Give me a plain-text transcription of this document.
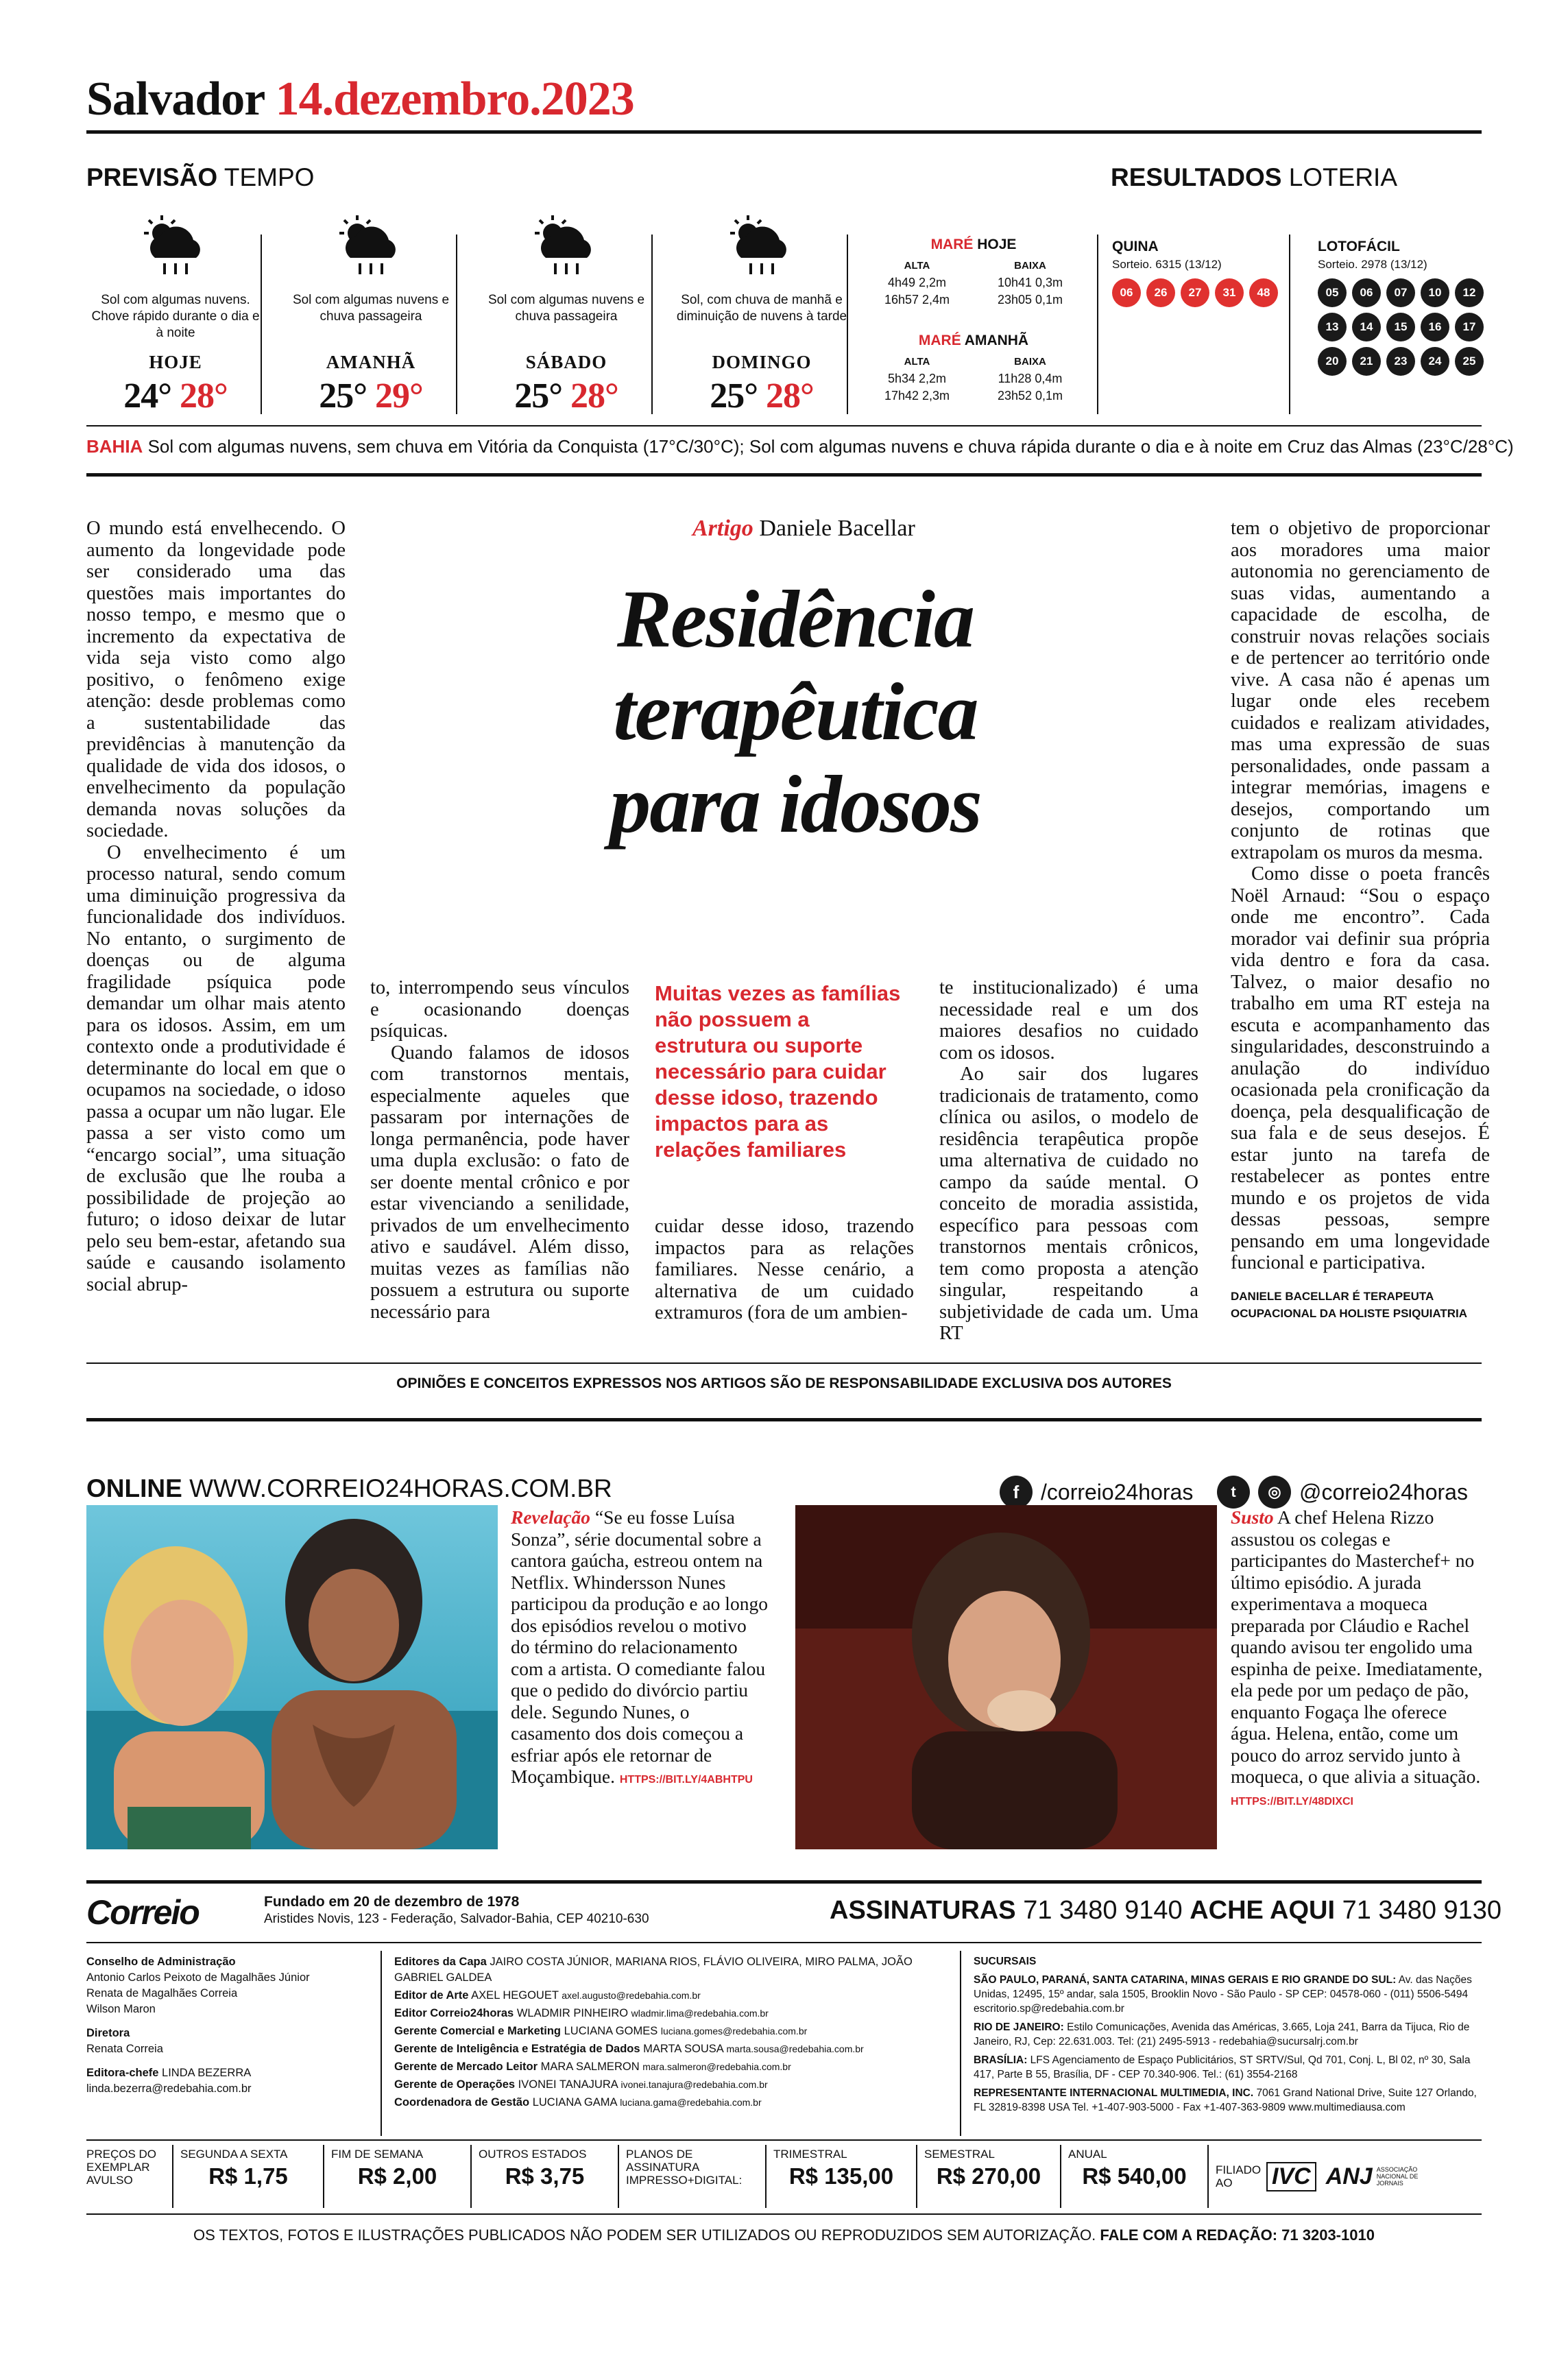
Salvador 14.dezembro.2023
PREVISÃO TEMPO	RESULTADOS LOTERIA
Sol com algumas nuvens. Chove rápido durante o dia e à noite
HOJE
24° 28°
Sol com algumas nuvens e chuva passageira
AMANHÃ
25° 29°
Sol com algumas nuvens e chuva passageira
SÁBADO
25° 28°
Sol, com chuva de manhã e diminuição de nuvens à tarde
DOMINGO
25° 28°
MARÉ HOJE
ALTA	BAIXA
4h49 2,2m	10h41 0,3m
16h57 2,4m	23h05 0,1m
MARÉ AMANHÃ
ALTA	BAIXA
5h34 2,2m	11h28 0,4m
17h42 2,3m	23h52 0,1m
QUINA
Sorteio. 6315 (13/12)
06	26	27	31	48
LOTOFÁCIL
Sorteio. 2978 (13/12)
05	06	07	10	12
13	14	15	16	17
20	21	23	24	25
BAHIA Sol com algumas nuvens, sem chuva em Vitória da Conquista (17°C/30°C); Sol com algumas nuvens e chuva rápida durante o dia e à noite em Cruz das Almas (23°C/28°C)
Artigo Daniele Bacellar
Residência terapêutica para idosos

O mundo está envelhecendo. O aumento da longevidade pode ser considerado uma das questões mais importantes do nosso tempo, e mesmo que o incremento da expectativa de vida seja visto como algo positivo, o fenômeno exige atenção: desde problemas como a sustentabilidade das previdências à manutenção da qualidade de vida dos idosos, o envelhecimento da população demanda novas soluções da sociedade.

O envelhecimento é um processo natural, sendo comum uma diminuição progressiva da funcionalidade dos indivíduos. No entanto, o surgimento de doenças ou de alguma fragilidade psíquica pode demandar um olhar mais atento para os idosos. Assim, em um contexto onde a produtividade é determinante do local em que o ocupamos na sociedade, o idoso passa a ocupar um não lugar. Ele passa a ser visto como um “encargo social”, uma situação de exclusão que lhe rouba a possibilidade de projeção ao futuro; o idoso deixar de lutar pelo seu bem-estar, afetando sua saúde e causando isolamento social abrup-

to, interrompendo seus vínculos e ocasionando doenças psíquicas.

Quando falamos de idosos com transtornos mentais, especialmente aqueles que passaram por internações de longa permanência, pode haver uma dupla exclusão: o fato de ser doente mental crônico e por estar vivenciando a senilidade, privados de um envelhecimento ativo e saudável. Além disso, muitas vezes as famílias não possuem a estrutura ou suporte necessário para

Muitas vezes as famílias não possuem a estrutura ou suporte necessário para cuidar desse idoso, trazendo impactos para as relações familiares

cuidar desse idoso, trazendo impactos para as relações familiares. Nesse cenário, a alternativa de um cuidado extramuros (fora de um ambien-

te institucionalizado) é uma necessidade real e um dos maiores desafios no cuidado com os idosos.

Ao sair dos lugares tradicionais de tratamento, como clínica ou asilos, o modelo de residência terapêutica propõe uma alternativa de cuidado no campo da saúde mental. O conceito de moradia assistida, específico para pessoas com transtornos mentais crônicos, tem como proposta a atenção singular, respeitando a subjetividade de cada um. Uma RT

tem o objetivo de proporcionar aos moradores uma maior autonomia no gerenciamento de suas vidas, aumentando a capacidade de escolha, de construir novas relações sociais e de pertencer ao território onde vive. A casa não é apenas um lugar onde eles recebem cuidados e realizam atividades, mas uma expressão de suas personalidades, onde passam a integrar memórias, imagens e desejos, comportando um conjunto de rotinas que extrapolam os muros da mesma.

Como disse o poeta francês Noël Arnaud: “Sou o espaço onde me encontro”. Cada morador vai definir sua própria vida dentro e fora da casa. Talvez, o maior desafio no trabalho em uma RT esteja na escuta e acompanhamento das singularidades, desconstruindo a anulação do indivíduo ocasionada pela cronificação da doença, pela desqualificação de sua fala e de seus desejos. É estar junto na tarefa de restabelecer as pontes entre mundo e os projetos de vida dessas pessoas, sempre pensando em uma longevidade funcional e participativa.

DANIELE BACELLAR É TERAPEUTA OCUPACIONAL DA HOLISTE PSIQUIATRIA
OPINIÕES E CONCEITOS EXPRESSOS NOS ARTIGOS SÃO DE RESPONSABILIDADE EXCLUSIVA DOS AUTORES
ONLINE WWW.CORREIO24HORAS.COM.BR	f /correio24horas	t	◎ @correio24horas
Revelação “Se eu fosse Luísa Sonza”, série documental sobre a cantora gaúcha, estreou ontem na Netflix. Whindersson Nunes participou da produção e ao longo dos episódios revelou o motivo do término do relacionamento com a artista. O comediante falou que o pedido do divórcio partiu dele. Segundo Nunes, o casamento dos dois começou a esfriar após ele retornar de Moçambique. HTTPS://BIT.LY/4ABHTPU
Susto A chef Helena Rizzo assustou os colegas e participantes do Masterchef+ no último episódio. A jurada experimentava a moqueca preparada por Cláudio e Rachel quando avisou ter engolido uma espinha de peixe. Imediatamente, ela pede por um pedaço de pão, enquanto Fogaça lhe oferece água. Helena, então, come um pouco do arroz servido junto à moqueca, o que alivia a situação. HTTPS://BIT.LY/48DIXCI
Correio	Fundado em 20 de dezembro de 1978
Aristides Novis, 123 - Federação, Salvador-Bahia, CEP 40210-630	ASSINATURAS 71 3480 9140 ACHE AQUI 71 3480 9130
Conselho de Administração
Antonio Carlos Peixoto de Magalhães Júnior
Renata de Magalhães Correia
Wilson Maron
Diretora
Renata Correia
Editora-chefe LINDA BEZERRA
linda.bezerra@redebahia.com.br
Editores da Capa JAIRO COSTA JÚNIOR, MARIANA RIOS, FLÁVIO OLIVEIRA, MIRO PALMA, JOÃO GABRIEL GALDEA
Editor de Arte AXEL HEGOUET axel.augusto@redebahia.com.br
Editor Correio24horas WLADMIR PINHEIRO wladmir.lima@redebahia.com.br
Gerente Comercial e Marketing LUCIANA GOMES luciana.gomes@redebahia.com.br
Gerente de Inteligência e Estratégia de Dados MARTA SOUSA marta.sousa@redebahia.com.br
Gerente de Mercado Leitor MARA SALMERON mara.salmeron@redebahia.com.br
Gerente de Operações IVONEI TANAJURA ivonei.tanajura@redebahia.com.br
Coordenadora de Gestão LUCIANA GAMA luciana.gama@redebahia.com.br
SUCURSAIS
SÃO PAULO, PARANÁ, SANTA CATARINA, MINAS GERAIS E RIO GRANDE DO SUL: Av. das Nações Unidas, 12495, 15º andar, sala 1505, Brooklin Novo - São Paulo - SP CEP: 04578-060 - (011) 5506-5494 escritorio.sp@redebahia.com.br
RIO DE JANEIRO: Estilo Comunicações, Avenida das Américas, 3.665, Loja 241, Barra da Tijuca, Rio de Janeiro, RJ, Cep: 22.631.003. Tel: (21) 2495-5913 - redebahia@sucursalrj.com.br
BRASÍLIA: LFS Agenciamento de Espaço Publicitários, ST SRTV/Sul, Qd 701, Conj. L, Bl 02, nº 30, Sala 417, Parte B 55, Brasília, DF - CEP 70.340-906. Tel.: (61) 3554-2168
REPRESENTANTE INTERNACIONAL MULTIMEDIA, INC. 7061 Grand National Drive, Suite 127 Orlando, FL 32819-8398 USA Tel. +1-407-903-5000 - Fax +1-407-363-9809 www.multimediausa.com
PREÇOS DO EXEMPLAR AVULSO
SEGUNDA A SEXTA
R$ 1,75
FIM DE SEMANA
R$ 2,00
OUTROS ESTADOS
R$ 3,75
PLANOS DE ASSINATURA IMPRESSO+DIGITAL:
TRIMESTRAL
R$ 135,00
SEMESTRAL
R$ 270,00
ANUAL
R$ 540,00	FILIADO AO	IVC ANJ ASSOCIAÇÃO NACIONAL DE JORNAIS
OS TEXTOS, FOTOS E ILUSTRAÇÕES PUBLICADOS NÃO PODEM SER UTILIZADOS OU REPRODUZIDOS SEM AUTORIZAÇÃO. FALE COM A REDAÇÃO: 71 3203-1010
